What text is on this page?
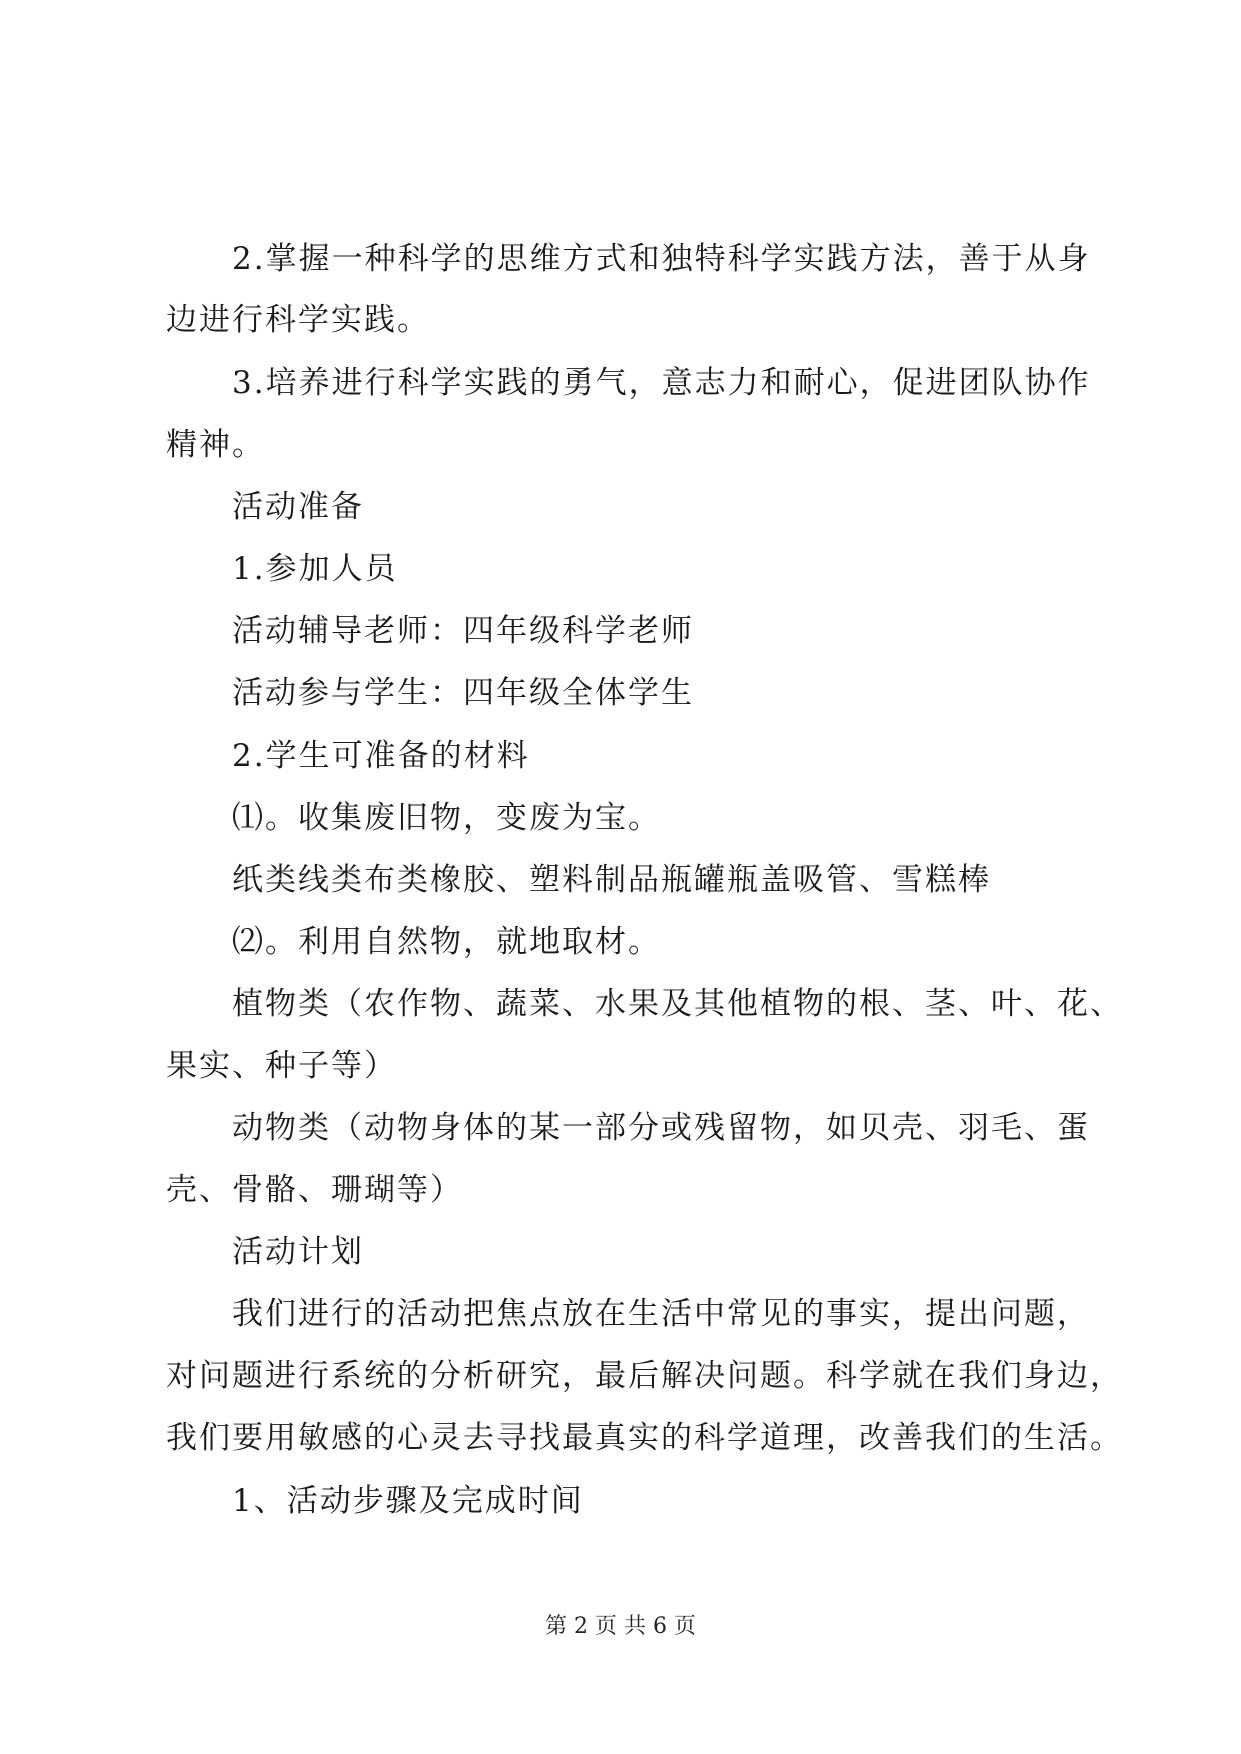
2.掌握一种科学的思维方式和独特科学实践方法，善于从身
边进行科学实践。
3.培养进行科学实践的勇气，意志力和耐心，促进团队协作
精神。
活动准备
1.参加人员
活动辅导老师：四年级科学老师
活动参与学生：四年级全体学生
2.学生可准备的材料
⑴。收集废旧物，变废为宝。
纸类线类布类橡胶、塑料制品瓶罐瓶盖吸管、雪糕棒
⑵。利用自然物，就地取材。
植物类（农作物、蔬菜、水果及其他植物的根、茎、叶、花、
果实、种子等）
动物类（动物身体的某一部分或残留物，如贝壳、羽毛、蛋
壳、骨骼、珊瑚等）
活动计划
我们进行的活动把焦点放在生活中常见的事实，提出问题，
对问题进行系统的分析研究，最后解决问题。科学就在我们身边，
我们要用敏感的心灵去寻找最真实的科学道理，改善我们的生活。
1、活动步骤及完成时间
第 2 页 共 6 页
